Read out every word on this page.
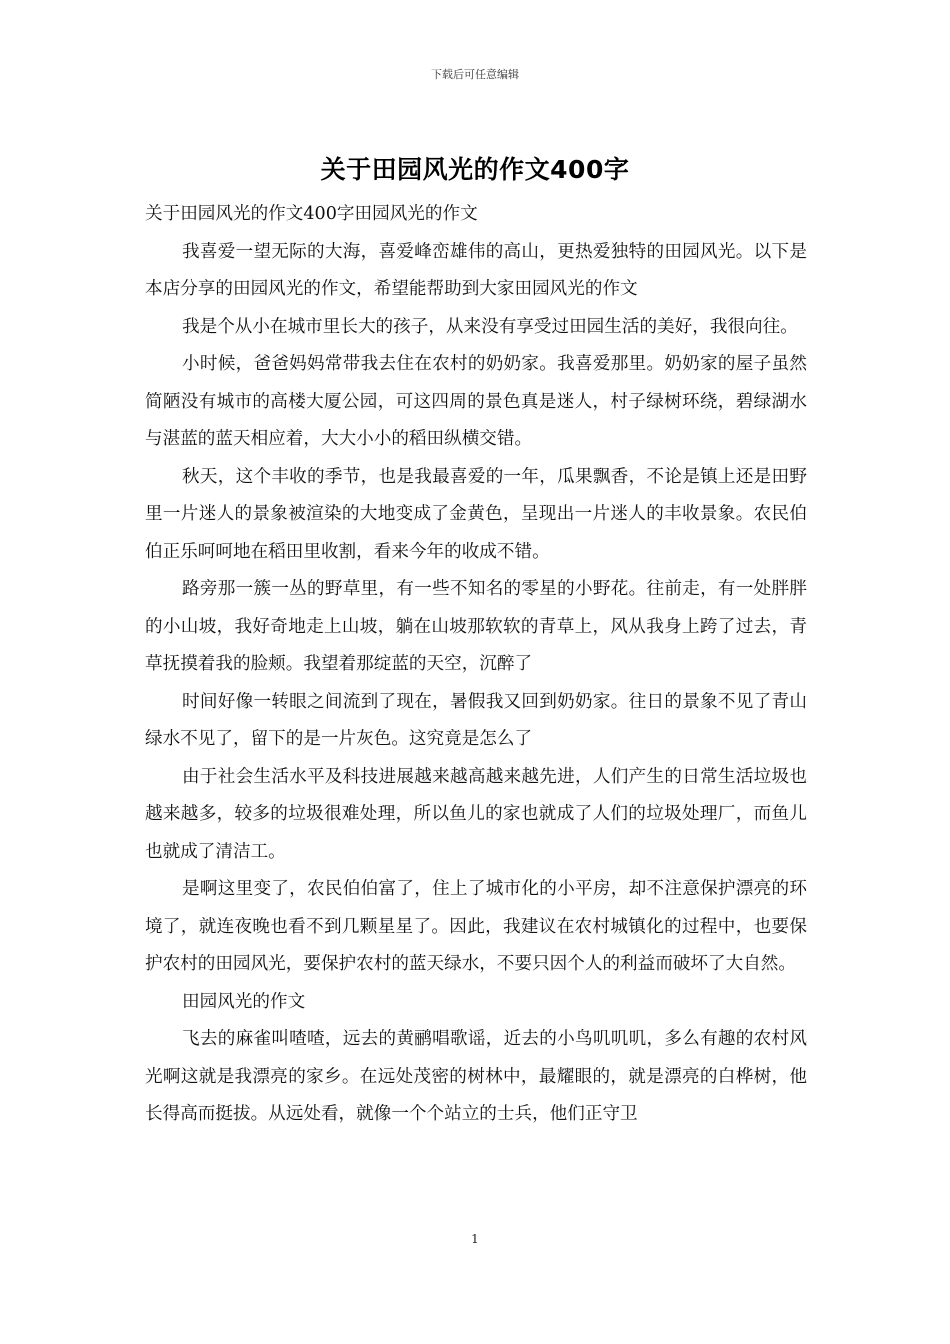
下载后可任意编辑
关于田园风光的作文400字

关于田园风光的作文400字田园风光的作文

我喜爱一望无际的大海，喜爱峰峦雄伟的高山，更热爱独特的田园风光。以下是本店分享的田园风光的作文，希望能帮助到大家田园风光的作文

我是个从小在城市里长大的孩子，从来没有享受过田园生活的美好，我很向往。

小时候，爸爸妈妈常带我去住在农村的奶奶家。我喜爱那里。奶奶家的屋子虽然简陋没有城市的高楼大厦公园，可这四周的景色真是迷人，村子绿树环绕，碧绿湖水与湛蓝的蓝天相应着，大大小小的稻田纵横交错。

秋天，这个丰收的季节，也是我最喜爱的一年，瓜果飘香，不论是镇上还是田野里一片迷人的景象被渲染的大地变成了金黄色，呈现出一片迷人的丰收景象。农民伯伯正乐呵呵地在稻田里收割，看来今年的收成不错。

路旁那一簇一丛的野草里，有一些不知名的零星的小野花。往前走，有一处胖胖的小山坡，我好奇地走上山坡，躺在山坡那软软的青草上，风从我身上跨了过去，青草抚摸着我的脸颊。我望着那绽蓝的天空，沉醉了

时间好像一转眼之间流到了现在，暑假我又回到奶奶家。往日的景象不见了青山绿水不见了，留下的是一片灰色。这究竟是怎么了

由于社会生活水平及科技进展越来越高越来越先进，人们产生的日常生活垃圾也越来越多，较多的垃圾很难处理，所以鱼儿的家也就成了人们的垃圾处理厂，而鱼儿也就成了清洁工。

是啊这里变了，农民伯伯富了，住上了城市化的小平房，却不注意保护漂亮的环境了，就连夜晚也看不到几颗星星了。因此，我建议在农村城镇化的过程中，也要保护农村的田园风光，要保护农村的蓝天绿水，不要只因个人的利益而破坏了大自然。

田园风光的作文

飞去的麻雀叫喳喳，远去的黄鹂唱歌谣，近去的小鸟叽叽叽，多么有趣的农村风光啊这就是我漂亮的家乡。在远处茂密的树林中，最耀眼的，就是漂亮的白桦树，他长得高而挺拔。从远处看，就像一个个站立的士兵，他们正守卫

1
